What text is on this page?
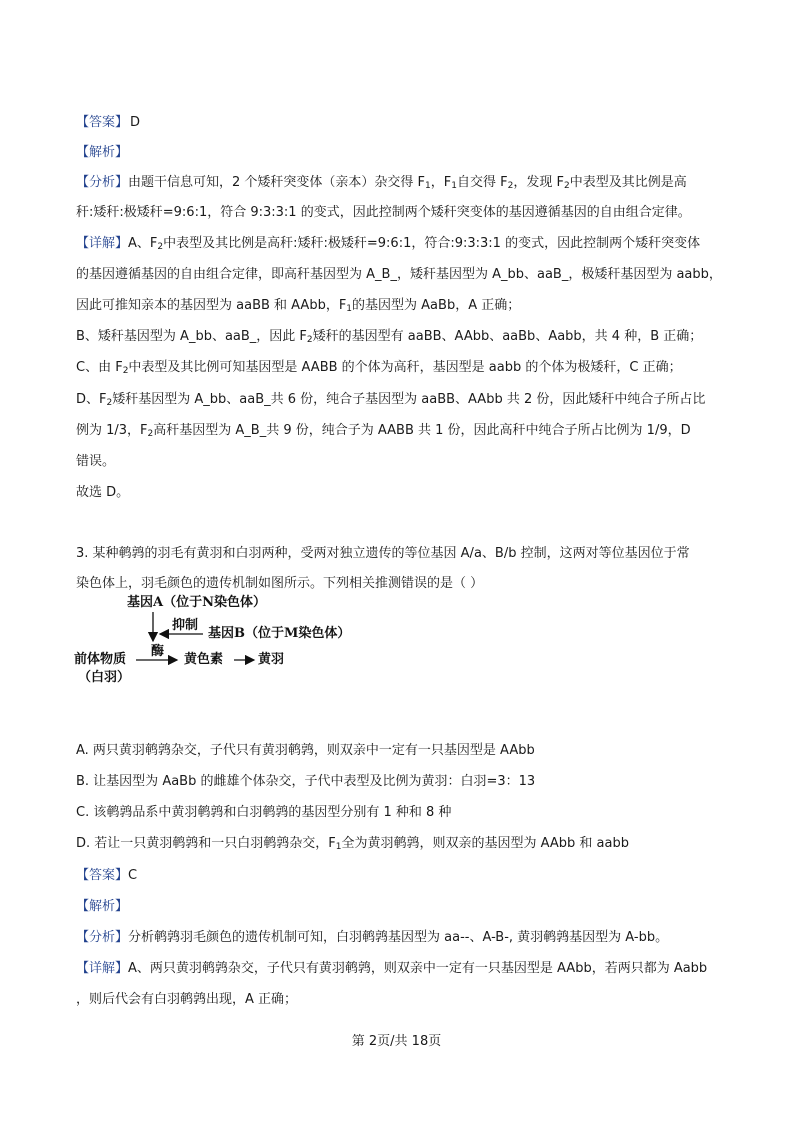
【答案】 D

【解析】

【分析】由题干信息可知，2 个矮秆突变体（亲本）杂交得 $F_1$，$F_1$自交得 $F_2$，发现 $F_2$中表型及其比例是高

秆:矮秆:极矮秆=9:6:1，符合 9:3:3:1 的变式，因此控制两个矮秆突变体的基因遵循基因的自由组合定律。

【详解】A、$F_2$中表型及其比例是高秆:矮秆:极矮秆=9:6:1，符合:9:3:3:1 的变式，因此控制两个矮秆突变体

的基因遵循基因的自由组合定律，即高秆基因型为 A_B_，矮秆基因型为 A_bb、aaB_，极矮秆基因型为 aabb，

因此可推知亲本的基因型为 aaBB 和 AAbb，$F_1$的基因型为 AaBb，A 正确；

B、矮秆基因型为 A_bb、aaB_，因此 $F_2$矮秆的基因型有 aaBB、AAbb、aaBb、Aabb，共 4 种，B 正确；

C、由 $F_2$中表型及其比例可知基因型是 AABB 的个体为高秆，基因型是 aabb 的个体为极矮秆，C 正确；

D、$F_2$矮秆基因型为 A_bb、aaB_共 6 份，纯合子基因型为 aaBB、AAbb 共 2 份，因此矮秆中纯合子所占比

例为 1/3，$F_2$高秆基因型为 A_B_共 9 份，纯合子为 AABB 共 1 份，因此高秆中纯合子所占比例为 1/9，D

错误。

故选 D。

3. 某种鹌鹑的羽毛有黄羽和白羽两种，受两对独立遗传的等位基因 A/a、B/b 控制，这两对等位基因位于常

染色体上，羽毛颜色的遗传机制如图所示。下列相关推测错误的是（ ）

基因A（位于N染色体）
抑制
基因B（位于M染色体）
酶
前体物质
（白羽）
黄色素	黄羽

A. 两只黄羽鹌鹑杂交，子代只有黄羽鹌鹑，则双亲中一定有一只基因型是 AAbb

B. 让基因型为 AaBb 的雌雄个体杂交，子代中表型及比例为黄羽：白羽=3：13

C. 该鹌鹑品系中黄羽鹌鹑和白羽鹌鹑的基因型分别有 1 种和 8 种

D. 若让一只黄羽鹌鹑和一只白羽鹌鹑杂交，$F_1$全为黄羽鹌鹑，则双亲的基因型为 AAbb 和 aabb

【答案】C

【解析】

【分析】分析鹌鹑羽毛颜色的遗传机制可知，白羽鹌鹑基因型为 aa--、A-B-, 黄羽鹌鹑基因型为 A-bb。

【详解】A、两只黄羽鹌鹑杂交，子代只有黄羽鹌鹑，则双亲中一定有一只基因型是 AAbb，若两只都为 Aabb

，则后代会有白羽鹌鹑出现，A 正确；

第 2页/共 18页
